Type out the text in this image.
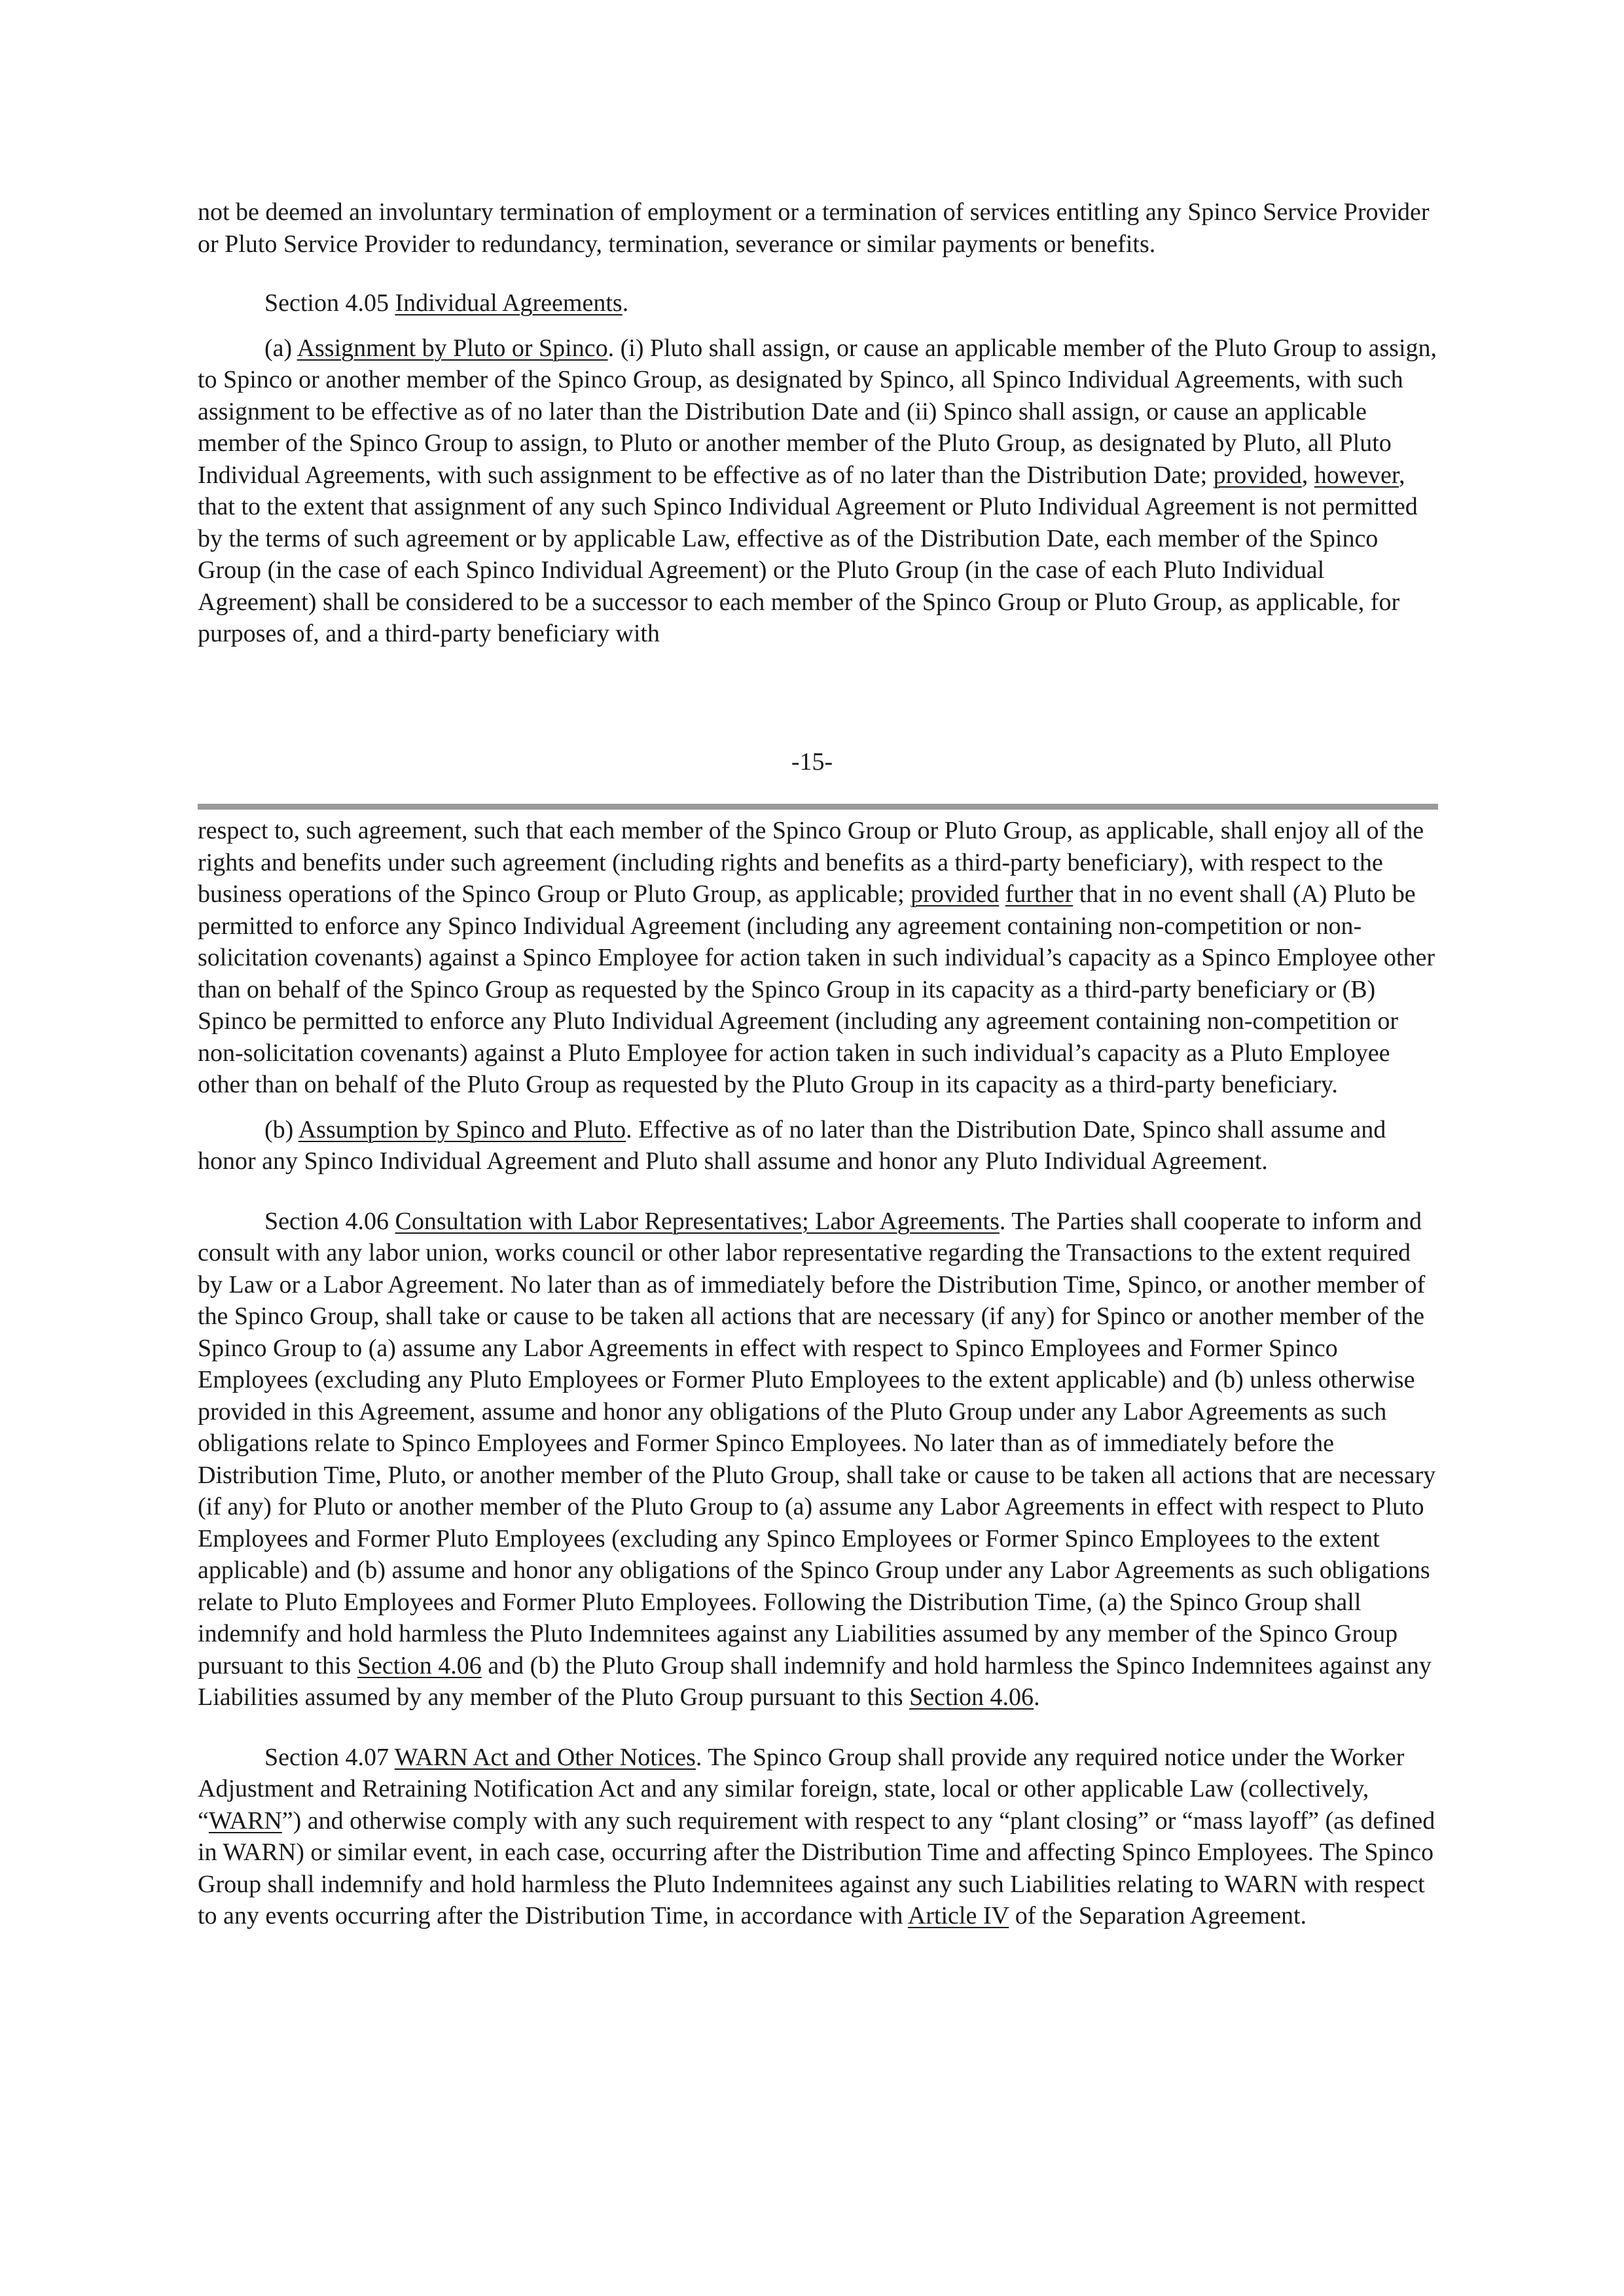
not be deemed an involuntary termination of employment or a termination of services entitling any Spinco Service Provider or Pluto Service Provider to redundancy, termination, severance or similar payments or benefits.

Section 4.05 Individual Agreements.

(a) Assignment by Pluto or Spinco. (i) Pluto shall assign, or cause an applicable member of the Pluto Group to assign, to Spinco or another member of the Spinco Group, as designated by Spinco, all Spinco Individual Agreements, with such assignment to be effective as of no later than the Distribution Date and (ii) Spinco shall assign, or cause an applicable member of the Spinco Group to assign, to Pluto or another member of the Pluto Group, as designated by Pluto, all Pluto Individual Agreements, with such assignment to be effective as of no later than the Distribution Date; provided, however, that to the extent that assignment of any such Spinco Individual Agreement or Pluto Individual Agreement is not permitted by the terms of such agreement or by applicable Law, effective as of the Distribution Date, each member of the Spinco Group (in the case of each Spinco Individual Agreement) or the Pluto Group (in the case of each Pluto Individual Agreement) shall be considered to be a successor to each member of the Spinco Group or Pluto Group, as applicable, for purposes of, and a third-party beneficiary with

-15-

respect to, such agreement, such that each member of the Spinco Group or Pluto Group, as applicable, shall enjoy all of the rights and benefits under such agreement (including rights and benefits as a third-party beneficiary), with respect to the business operations of the Spinco Group or Pluto Group, as applicable; provided further that in no event shall (A) Pluto be permitted to enforce any Spinco Individual Agreement (including any agreement containing non-competition or non-solicitation covenants) against a Spinco Employee for action taken in such individual’s capacity as a Spinco Employee other than on behalf of the Spinco Group as requested by the Spinco Group in its capacity as a third-party beneficiary or (B) Spinco be permitted to enforce any Pluto Individual Agreement (including any agreement containing non-competition or non-solicitation covenants) against a Pluto Employee for action taken in such individual’s capacity as a Pluto Employee other than on behalf of the Pluto Group as requested by the Pluto Group in its capacity as a third-party beneficiary.

(b) Assumption by Spinco and Pluto. Effective as of no later than the Distribution Date, Spinco shall assume and honor any Spinco Individual Agreement and Pluto shall assume and honor any Pluto Individual Agreement.

Section 4.06 Consultation with Labor Representatives; Labor Agreements. The Parties shall cooperate to inform and consult with any labor union, works council or other labor representative regarding the Transactions to the extent required by Law or a Labor Agreement. No later than as of immediately before the Distribution Time, Spinco, or another member of the Spinco Group, shall take or cause to be taken all actions that are necessary (if any) for Spinco or another member of the Spinco Group to (a) assume any Labor Agreements in effect with respect to Spinco Employees and Former Spinco Employees (excluding any Pluto Employees or Former Pluto Employees to the extent applicable) and (b) unless otherwise provided in this Agreement, assume and honor any obligations of the Pluto Group under any Labor Agreements as such obligations relate to Spinco Employees and Former Spinco Employees. No later than as of immediately before the Distribution Time, Pluto, or another member of the Pluto Group, shall take or cause to be taken all actions that are necessary (if any) for Pluto or another member of the Pluto Group to (a) assume any Labor Agreements in effect with respect to Pluto Employees and Former Pluto Employees (excluding any Spinco Employees or Former Spinco Employees to the extent applicable) and (b) assume and honor any obligations of the Spinco Group under any Labor Agreements as such obligations relate to Pluto Employees and Former Pluto Employees. Following the Distribution Time, (a) the Spinco Group shall indemnify and hold harmless the Pluto Indemnitees against any Liabilities assumed by any member of the Spinco Group pursuant to this Section 4.06 and (b) the Pluto Group shall indemnify and hold harmless the Spinco Indemnitees against any Liabilities assumed by any member of the Pluto Group pursuant to this Section 4.06.

Section 4.07 WARN Act and Other Notices. The Spinco Group shall provide any required notice under the Worker Adjustment and Retraining Notification Act and any similar foreign, state, local or other applicable Law (collectively, “WARN”) and otherwise comply with any such requirement with respect to any “plant closing” or “mass layoff” (as defined in WARN) or similar event, in each case, occurring after the Distribution Time and affecting Spinco Employees. The Spinco Group shall indemnify and hold harmless the Pluto Indemnitees against any such Liabilities relating to WARN with respect to any events occurring after the Distribution Time, in accordance with Article IV of the Separation Agreement.
